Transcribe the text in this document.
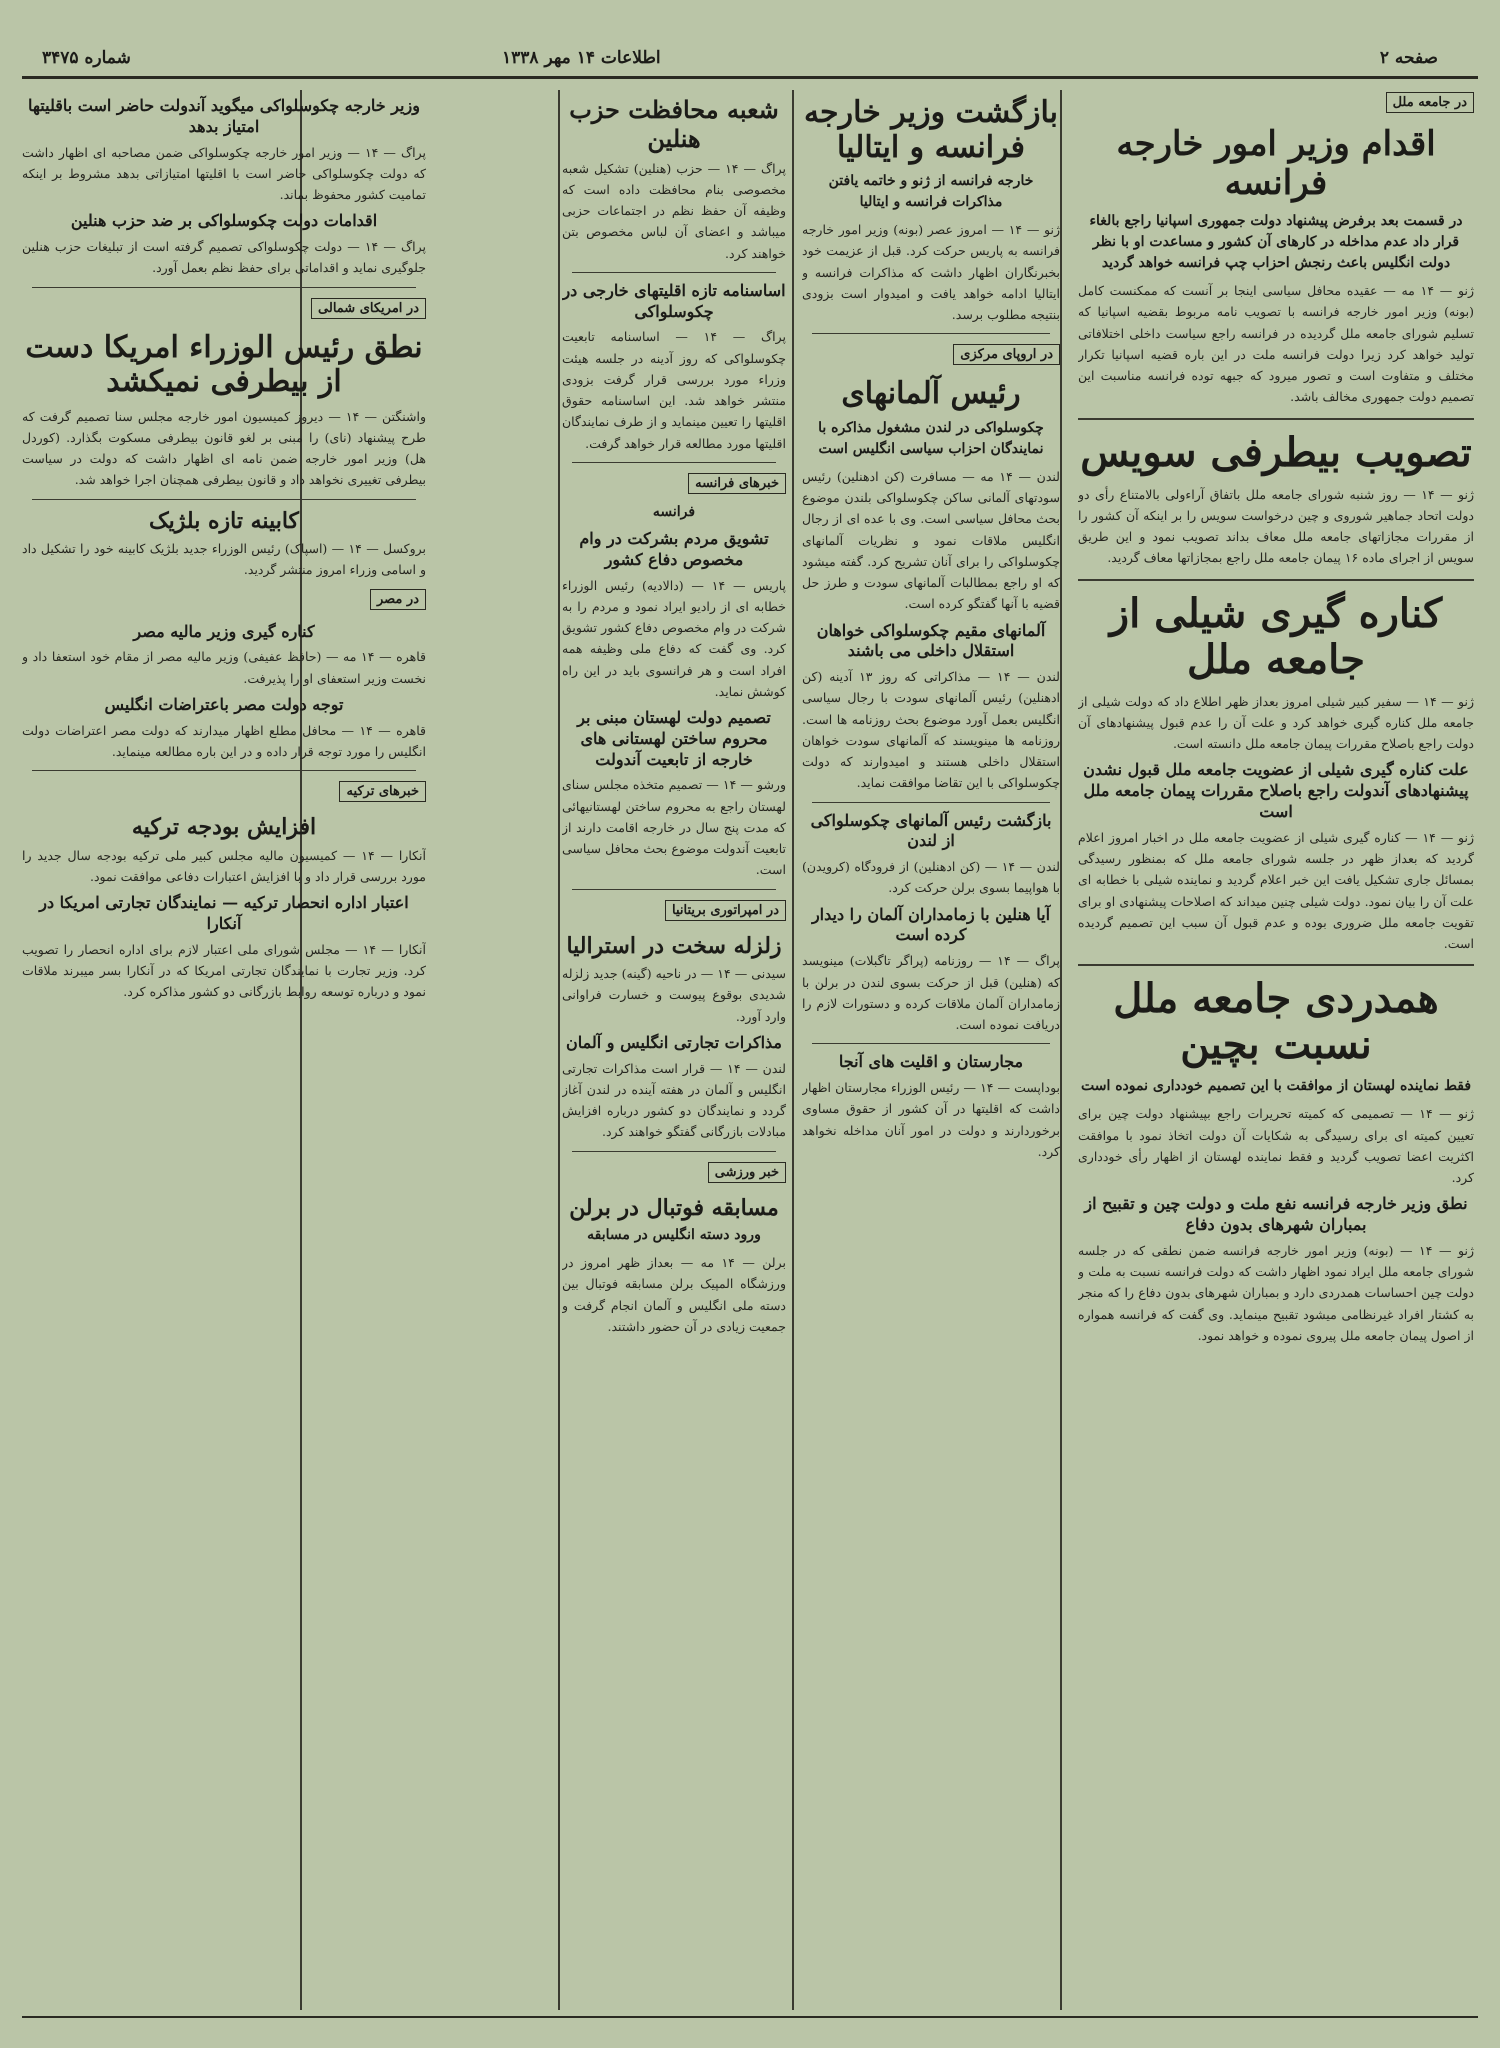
صفحه ۲
اطلاعات ۱۴ مهر ۱۳۳۸
شماره ۳۴۷۵
در جامعه ملل
اقدام وزیر امور خارجه فرانسه
در قسمت بعد برفرض پیشنهاد دولت جمهوری اسپانیا راجع بالغاء قرار داد عدم مداخله در کارهای آن کشور و مساعدت او با نظر دولت انگلیس باعث رنجش احزاب چپ فرانسه خواهد گردید

ژنو — ۱۴ مه — عقیده محافل سیاسی اینجا بر آنست که ممکنست کامل (بونه) وزیر امور خارجه فرانسه با تصویب نامه مربوط بقضیه اسپانیا که تسلیم شورای جامعه ملل گردیده در فرانسه راجع سیاست داخلی اختلافاتی تولید خواهد کرد زیرا دولت فرانسه ملت در این باره قضیه اسپانیا تکرار مختلف و متفاوت است و تصور میرود که جبهه توده فرانسه مناسبت این تصمیم دولت جمهوری مخالف باشد.

تصویب بیطرفی سویس

ژنو — ۱۴ — روز شنبه شورای جامعه ملل باتفاق آراءولی بالامتناع رأی دو دولت اتحاد جماهیر شوروی و چین درخواست سویس را بر اینکه آن کشور را از مقررات مجازاتهای جامعه ملل معاف بداند تصویب نمود و این طریق سویس از اجرای ماده ۱۶ پیمان جامعه ملل راجع بمجازاتها معاف گردید.

کناره گیری شیلی از جامعه ملل

ژنو — ۱۴ — سفیر کبیر شیلی امروز بعداز ظهر اطلاع داد که دولت شیلی از جامعه ملل کناره گیری خواهد کرد و علت آن را عدم قبول پیشنهادهای آن دولت راجع باصلاح مقررات پیمان جامعه ملل دانسته است.

علت کناره گیری شیلی از عضویت جامعه ملل قبول نشدن پیشنهادهای آندولت راجع باصلاح مقررات پیمان جامعه ملل است

ژنو — ۱۴ — کناره گیری شیلی از عضویت جامعه ملل در اخبار امروز اعلام گردید که بعداز ظهر در جلسه شورای جامعه ملل که بمنظور رسیدگی بمسائل جاری تشکیل یافت این خبر اعلام گردید و نماینده شیلی با خطابه ای علت آن را بیان نمود. دولت شیلی چنین میداند که اصلاحات پیشنهادی او برای تقویت جامعه ملل ضروری بوده و عدم قبول آن سبب این تصمیم گردیده است.

همدردی جامعه ملل نسبت بچین
فقط نماینده لهستان از موافقت با این تصمیم خودداری نموده است

ژنو — ۱۴ — تصمیمی که کمیته تحریرات راجع بپیشنهاد دولت چین برای تعیین کمیته ای برای رسیدگی به شکایات آن دولت اتخاذ نمود با موافقت اکثریت اعضا تصویب گردید و فقط نماینده لهستان از اظهار رأی خودداری کرد.

نطق وزیر خارجه فرانسه نفع ملت و دولت چین و تقبیح از بمباران شهرهای بدون دفاع

ژنو — ۱۴ — (بونه) وزیر امور خارجه فرانسه ضمن نطقی که در جلسه شورای جامعه ملل ایراد نمود اظهار داشت که دولت فرانسه نسبت به ملت و دولت چین احساسات همدردی دارد و بمباران شهرهای بدون دفاع را که منجر به کشتار افراد غیرنظامی میشود تقبیح مینماید. وی گفت که فرانسه همواره از اصول پیمان جامعه ملل پیروی نموده و خواهد نمود.

بازگشت وزیر خارجه فرانسه و ایتالیا
خارجه فرانسه از ژنو و خاتمه یافتن مذاکرات فرانسه و ایتالیا

ژنو — ۱۴ — امروز عصر (بونه) وزیر امور خارجه فرانسه به پاریس حرکت کرد. قبل از عزیمت خود بخبرنگاران اظهار داشت که مذاکرات فرانسه و ایتالیا ادامه خواهد یافت و امیدوار است بزودی بنتیجه مطلوب برسد.

در اروپای مرکزی
رئیس آلمانهای
چکوسلواکی در لندن مشغول مذاکره با نمایندگان احزاب سیاسی انگلیس است

لندن — ۱۴ مه — مسافرت (کن ادهنلین) رئیس سودتهای آلمانی ساکن چکوسلواکی بلندن موضوع بحث محافل سیاسی است. وی با عده ای از رجال انگلیس ملاقات نمود و نظریات آلمانهای چکوسلواکی را برای آنان تشریح کرد. گفته میشود که او راجع بمطالبات آلمانهای سودت و طرز حل قضیه با آنها گفتگو کرده است.

آلمانهای مقیم چکوسلواکی خواهان استقلال داخلی می باشند

لندن — ۱۴ — مذاکراتی که روز ۱۳ آدینه (کن ادهنلین) رئیس آلمانهای سودت با رجال سیاسی انگلیس بعمل آورد موضوع بحث روزنامه ها است. روزنامه ها مینویسند که آلمانهای سودت خواهان استقلال داخلی هستند و امیدوارند که دولت چکوسلواکی با این تقاضا موافقت نماید.

بازگشت رئیس آلمانهای چکوسلواکی از لندن

لندن — ۱۴ — (کن ادهنلین) از فرودگاه (کرویدن) با هواپیما بسوی برلن حرکت کرد.

آیا هنلین با زمامداران آلمان را دیدار کرده است

پراگ — ۱۴ — روزنامه (پراگر تاگبلات) مینویسد که (هنلین) قبل از حرکت بسوی لندن در برلن با زمامداران آلمان ملاقات کرده و دستورات لازم را دریافت نموده است.

مجارستان و اقلیت های آنجا

بوداپست — ۱۴ — رئیس الوزراء مجارستان اظهار داشت که اقلیتها در آن کشور از حقوق مساوی برخوردارند و دولت در امور آنان مداخله نخواهد کرد.

شعبه محافظت حزب هنلین

پراگ — ۱۴ — حزب (هنلین) تشکیل شعبه مخصوصی بنام محافظت داده است که وظیفه آن حفظ نظم در اجتماعات حزبی میباشد و اعضای آن لباس مخصوص بتن خواهند کرد.

اساسنامه تازه اقلیتهای خارجی در چکوسلواکی

پراگ — ۱۴ — اساسنامه تابعیت چکوسلواکی که روز آدینه در جلسه هیئت وزراء مورد بررسی قرار گرفت بزودی منتشر خواهد شد. این اساسنامه حقوق اقلیتها را تعیین مینماید و از طرف نمایندگان اقلیتها مورد مطالعه قرار خواهد گرفت.

خبرهای فرانسه
فرانسه
تشویق مردم بشرکت در وام مخصوص دفاع کشور

پاریس — ۱۴ — (دالادیه) رئیس الوزراء خطابه ای از رادیو ایراد نمود و مردم را به شرکت در وام مخصوص دفاع کشور تشویق کرد. وی گفت که دفاع ملی وظیفه همه افراد است و هر فرانسوی باید در این راه کوشش نماید.

تصمیم دولت لهستان مبنی بر محروم ساختن لهستانی های خارجه از تابعیت آندولت

ورشو — ۱۴ — تصمیم متخذه مجلس سنای لهستان راجع به محروم ساختن لهستانیهائی که مدت پنج سال در خارجه اقامت دارند از تابعیت آندولت موضوع بحث محافل سیاسی است.

در امپراتوری بریتانیا
زلزله سخت در استرالیا

سیدنی — ۱۴ — در ناحیه (گینه) جدید زلزله شدیدی بوقوع پیوست و خسارت فراوانی وارد آورد.

مذاکرات تجارتی انگلیس و آلمان

لندن — ۱۴ — قرار است مذاکرات تجارتی انگلیس و آلمان در هفته آینده در لندن آغاز گردد و نمایندگان دو کشور درباره افزایش مبادلات بازرگانی گفتگو خواهند کرد.

خبر ورزشی
مسابقه فوتبال در برلن
ورود دسته انگلیس در مسابقه

برلن — ۱۴ مه — بعداز ظهر امروز در ورزشگاه المپیک برلن مسابقه فوتبال بین دسته ملی انگلیس و آلمان انجام گرفت و جمعیت زیادی در آن حضور داشتند.

وزیر خارجه چکوسلواکی میگوید آندولت حاضر است باقلیتها امتیاز بدهد

پراگ — ۱۴ — وزیر امور خارجه چکوسلواکی ضمن مصاحبه ای اظهار داشت که دولت چکوسلواکی حاضر است با اقلیتها امتیازاتی بدهد مشروط بر اینکه تمامیت کشور محفوظ بماند.

اقدامات دولت چکوسلواکی بر ضد حزب هنلین

پراگ — ۱۴ — دولت چکوسلواکی تصمیم گرفته است از تبلیغات حزب هنلین جلوگیری نماید و اقداماتی برای حفظ نظم بعمل آورد.

در امریکای شمالی
نطق رئیس الوزراء امریکا دست از بیطرفی نمیکشد

واشنگتن — ۱۴ — دیروز کمیسیون امور خارجه مجلس سنا تصمیم گرفت که طرح پیشنهاد (نای) را مبنی بر لغو قانون بیطرفی مسکوت بگذارد. (کوردل هل) وزیر امور خارجه ضمن نامه ای اظهار داشت که دولت در سیاست بیطرفی تغییری نخواهد داد و قانون بیطرفی همچنان اجرا خواهد شد.

کابینه تازه بلژیک

بروکسل — ۱۴ — (اسپاک) رئیس الوزراء جدید بلژیک کابینه خود را تشکیل داد و اسامی وزراء امروز منتشر گردید.

در مصر
کناره گیری وزیر مالیه مصر

قاهره — ۱۴ مه — (حافظ عفیفی) وزیر مالیه مصر از مقام خود استعفا داد و نخست وزیر استعفای او را پذیرفت.

توجه دولت مصر باعتراضات انگلیس

قاهره — ۱۴ — محافل مطلع اظهار میدارند که دولت مصر اعتراضات دولت انگلیس را مورد توجه قرار داده و در این باره مطالعه مینماید.

خبرهای ترکیه
افزایش بودجه ترکیه

آنکارا — ۱۴ — کمیسیون مالیه مجلس کبیر ملی ترکیه بودجه سال جدید را مورد بررسی قرار داد و با افزایش اعتبارات دفاعی موافقت نمود.

اعتبار اداره انحصار ترکیه — نمایندگان تجارتی امریکا در آنکارا

آنکارا — ۱۴ — مجلس شورای ملی اعتبار لازم برای اداره انحصار را تصویب کرد. وزیر تجارت با نمایندگان تجارتی امریکا که در آنکارا بسر میبرند ملاقات نمود و درباره توسعه روابط بازرگانی دو کشور مذاکره کرد.
